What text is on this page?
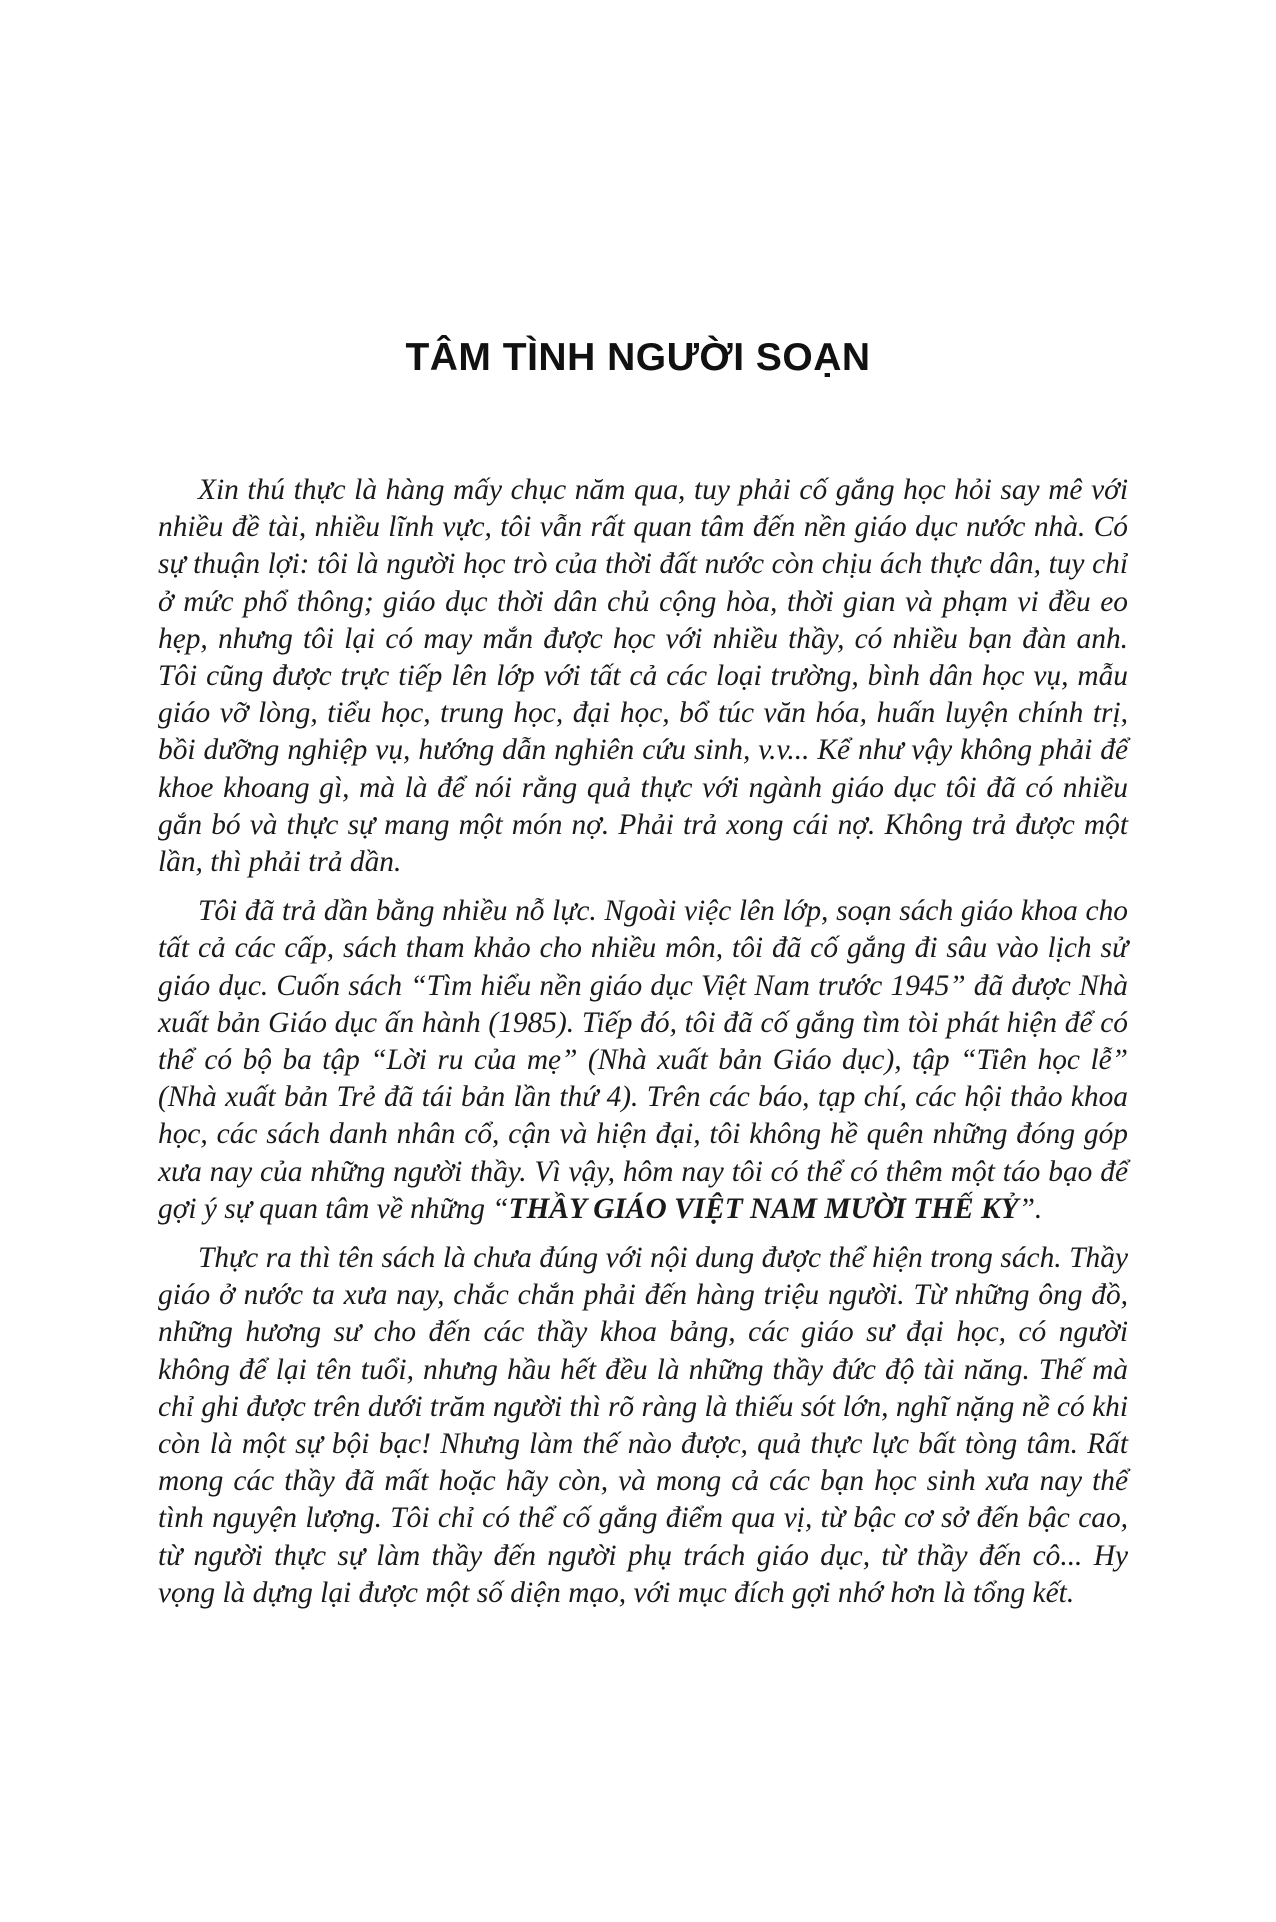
TÂM TÌNH NGƯỜI SOẠN

Xin thú thực là hàng mấy chục năm qua, tuy phải cố gắng học hỏi say mê với nhiều đề tài, nhiều lĩnh vực, tôi vẫn rất quan tâm đến nền giáo dục nước nhà. Có sự thuận lợi: tôi là người học trò của thời đất nước còn chịu ách thực dân, tuy chỉ ở mức phổ thông; giáo dục thời dân chủ cộng hòa, thời gian và phạm vi đều eo hẹp, nhưng tôi lại có may mắn được học với nhiều thầy, có nhiều bạn đàn anh. Tôi cũng được trực tiếp lên lớp với tất cả các loại trường, bình dân học vụ, mẫu giáo vỡ lòng, tiểu học, trung học, đại học, bổ túc văn hóa, huấn luyện chính trị, bồi dưỡng nghiệp vụ, hướng dẫn nghiên cứu sinh, v.v... Kể như vậy không phải để khoe khoang gì, mà là để nói rằng quả thực với ngành giáo dục tôi đã có nhiều gắn bó và thực sự mang một món nợ. Phải trả xong cái nợ. Không trả được một lần, thì phải trả dần.

Tôi đã trả dần bằng nhiều nỗ lực. Ngoài việc lên lớp, soạn sách giáo khoa cho tất cả các cấp, sách tham khảo cho nhiều môn, tôi đã cố gắng đi sâu vào lịch sử giáo dục. Cuốn sách “Tìm hiểu nền giáo dục Việt Nam trước 1945” đã được Nhà xuất bản Giáo dục ấn hành (1985). Tiếp đó, tôi đã cố gắng tìm tòi phát hiện để có thể có bộ ba tập “Lời ru của mẹ” (Nhà xuất bản Giáo dục), tập “Tiên học lễ” (Nhà xuất bản Trẻ đã tái bản lần thứ 4). Trên các báo, tạp chí, các hội thảo khoa học, các sách danh nhân cổ, cận và hiện đại, tôi không hề quên những đóng góp xưa nay của những người thầy. Vì vậy, hôm nay tôi có thể có thêm một táo bạo để gợi ý sự quan tâm về những “THẦY GIÁO VIỆT NAM MƯỜI THẾ KỶ”.

Thực ra thì tên sách là chưa đúng với nội dung được thể hiện trong sách. Thầy giáo ở nước ta xưa nay, chắc chắn phải đến hàng triệu người. Từ những ông đồ, những hương sư cho đến các thầy khoa bảng, các giáo sư đại học, có người không để lại tên tuổi, nhưng hầu hết đều là những thầy đức độ tài năng. Thế mà chỉ ghi được trên dưới trăm người thì rõ ràng là thiếu sót lớn, nghĩ nặng nề có khi còn là một sự bội bạc! Nhưng làm thế nào được, quả thực lực bất tòng tâm. Rất mong các thầy đã mất hoặc hãy còn, và mong cả các bạn học sinh xưa nay thể tình nguyện lượng. Tôi chỉ có thể cố gắng điểm qua vị, từ bậc cơ sở đến bậc cao, từ người thực sự làm thầy đến người phụ trách giáo dục, từ thầy đến cô... Hy vọng là dựng lại được một số diện mạo, với mục đích gợi nhớ hơn là tổng kết.
